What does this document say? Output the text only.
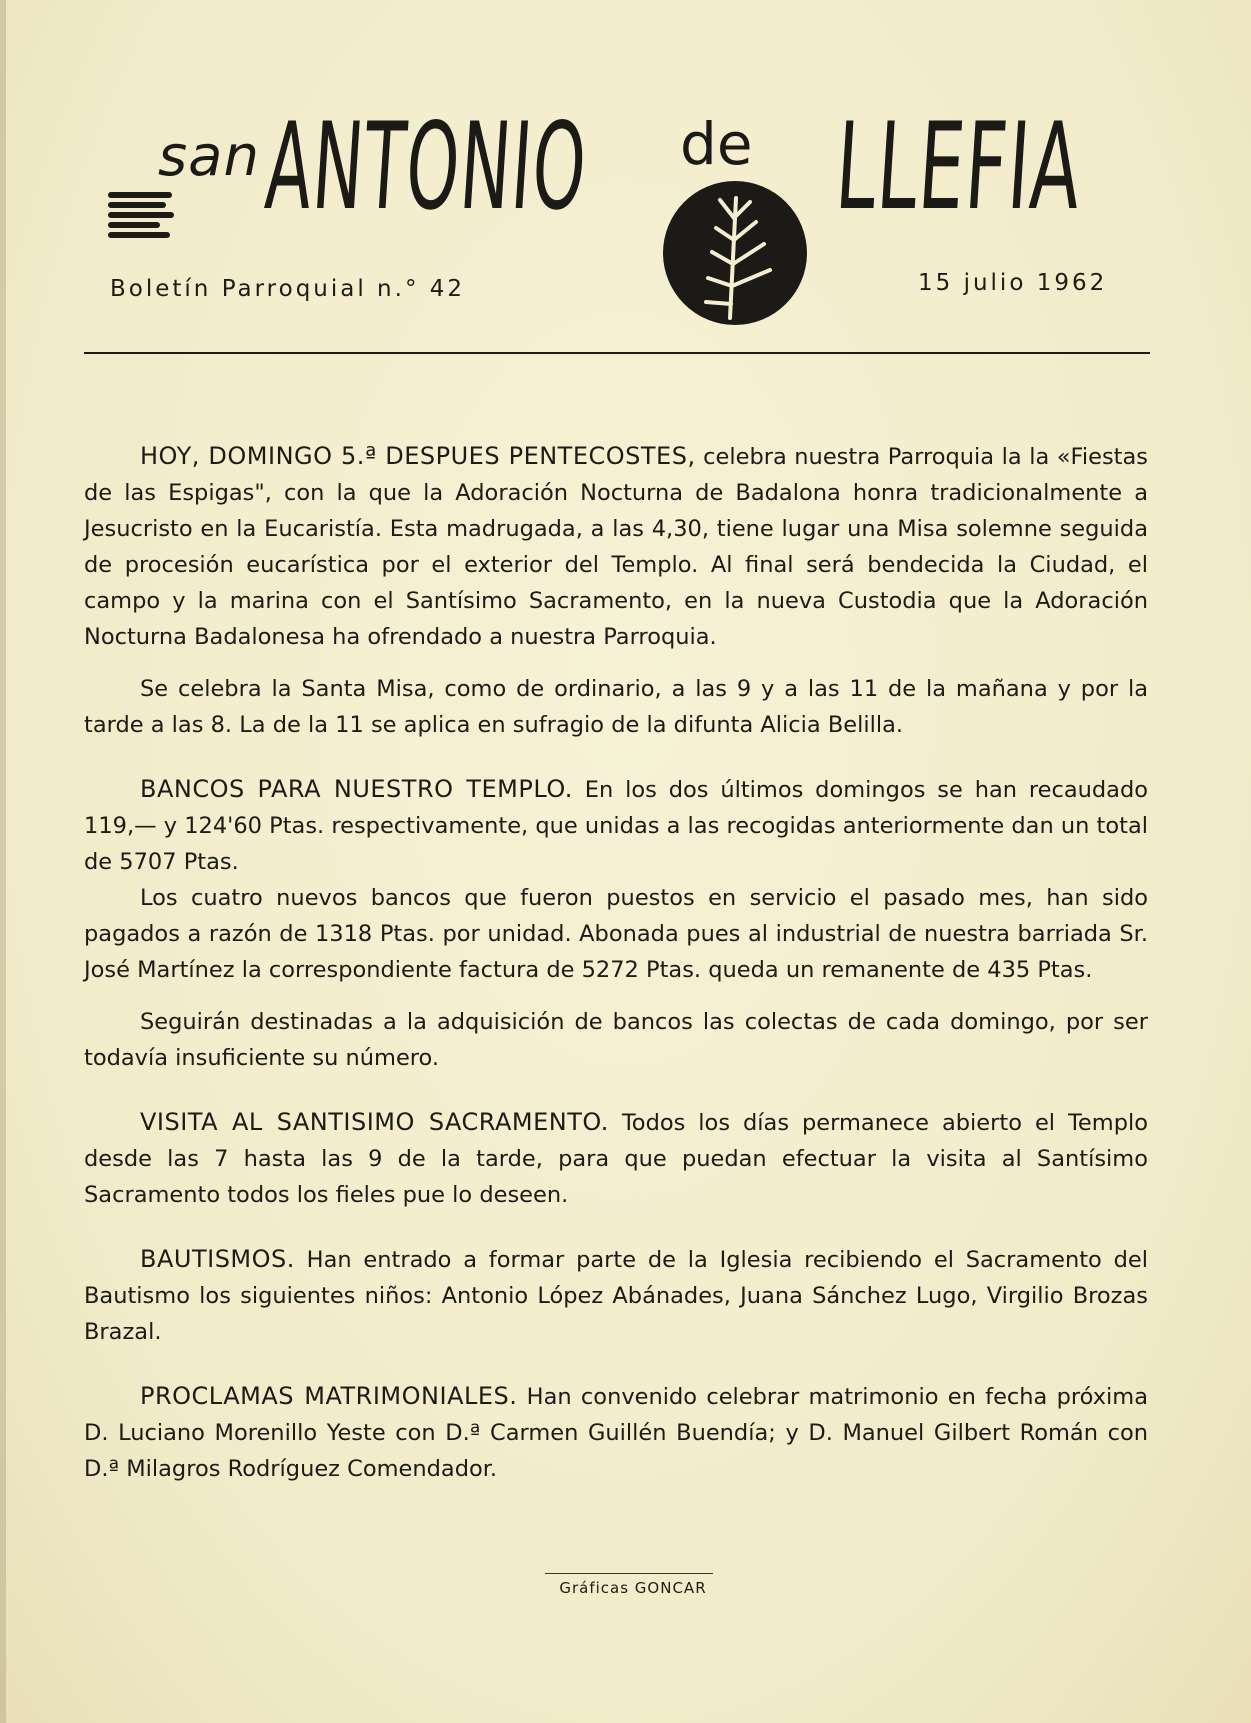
san ANTONIO de LLEFIA
Boletín Parroquial n.° 42	15 julio 1962

HOY, DOMINGO 5.ª DESPUES PENTECOSTES, celebra nuestra Parroquia la la «Fiestas de las Espigas", con la que la Adoración Nocturna de Badalona honra tradicionalmente a Jesucristo en la Eucaristía. Esta madrugada, a las 4,30, tiene lugar una Misa solemne seguida de procesión eucarística por el exterior del Templo. Al final será bendecida la Ciudad, el campo y la marina con el Santísimo Sacramento, en la nueva Custodia que la Adoración Nocturna Badalonesa ha ofrendado a nuestra Parroquia.

Se celebra la Santa Misa, como de ordinario, a las 9 y a las 11 de la mañana y por la tarde a las 8. La de la 11 se aplica en sufragio de la difunta Alicia Belilla.

BANCOS PARA NUESTRO TEMPLO. En los dos últimos domingos se han recaudado 119,— y 124'60 Ptas. respectivamente, que unidas a las recogidas anteriormente dan un total de 5707 Ptas.

Los cuatro nuevos bancos que fueron puestos en servicio el pasado mes, han sido pagados a razón de 1318 Ptas. por unidad. Abonada pues al industrial de nuestra barriada Sr. José Martínez la correspondiente factura de 5272 Ptas. queda un remanente de 435 Ptas.

Seguirán destinadas a la adquisición de bancos las colectas de cada domingo, por ser todavía insuficiente su número.

VISITA AL SANTISIMO SACRAMENTO. Todos los días permanece abierto el Templo desde las 7 hasta las 9 de la tarde, para que puedan efectuar la visita al Santísimo Sacramento todos los fieles pue lo deseen.

BAUTISMOS. Han entrado a formar parte de la Iglesia recibiendo el Sacramento del Bautismo los siguientes niños: Antonio López Abánades, Juana Sánchez Lugo, Virgilio Brozas Brazal.

PROCLAMAS MATRIMONIALES. Han convenido celebrar matrimonio en fecha próxima D. Luciano Morenillo Yeste con D.ª Carmen Guillén Buendía; y D. Manuel Gilbert Román con D.ª Milagros Rodríguez Comendador.

Gráficas GONCAR
